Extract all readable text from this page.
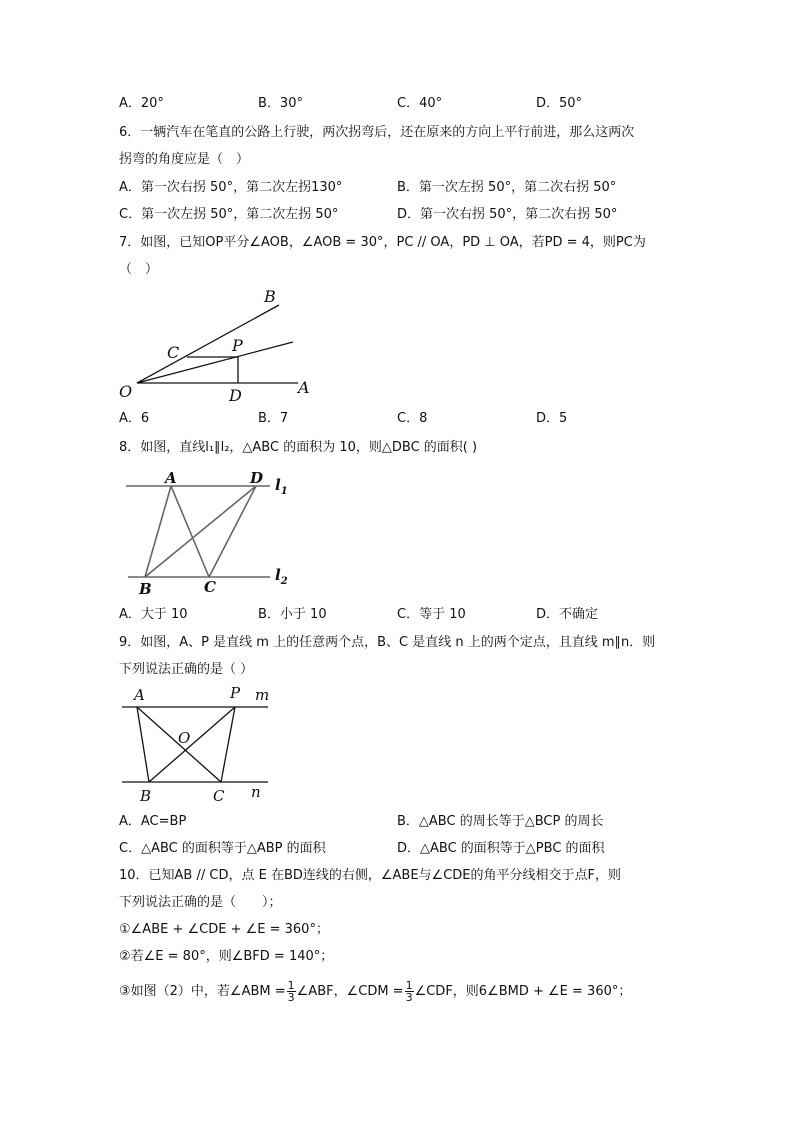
A．20°	B．30°	C．40°	D．50°
6．一辆汽车在笔直的公路上行驶，两次拐弯后，还在原来的方向上平行前进，那么这两次
拐弯的角度应是（　）
A．第一次右拐 50°，第二次左拐130°	B．第一次左拐 50°，第二次右拐 50°
C．第一次左拐 50°，第二次左拐 50°	D．第一次右拐 50°，第二次右拐 50°
7．如图，已知OP平分∠AOB，∠AOB = 30°，PC // OA，PD ⊥ OA，若PD = 4，则PC为
（　）
B
C	P
O	D	A
A．6	B．7	C．8	D．5
8．如图，直线l₁∥l₂，△ABC 的面积为 10，则△DBC 的面积( )
A	D
B	C
$l_1$
$l_2$
A．大于 10	B．小于 10	C．等于 10	D．不确定
9．如图，A、P 是直线 m 上的任意两个点，B、C 是直线 n 上的两个定点，且直线 m∥n．则
下列说法正确的是（ ）
A	P m
O
B	C n
A．AC=BP	B．△ABC 的周长等于△BCP 的周长
C．△ABC 的面积等于△ABP 的面积	D．△ABC 的面积等于△PBC 的面积
10．已知AB // CD，点 E 在BD连线的右侧，∠ABE与∠CDE的角平分线相交于点F，则
下列说法正确的是（　　）；
①∠ABE + ∠CDE + ∠E = 360°；
②若∠E = 80°，则∠BFD = 140°；
③如图（2）中，若∠ABM = $\frac{1}{3}$ ∠ABF，∠CDM = $\frac{1}{3}$ ∠CDF，则6∠BMD + ∠E = 360°；
